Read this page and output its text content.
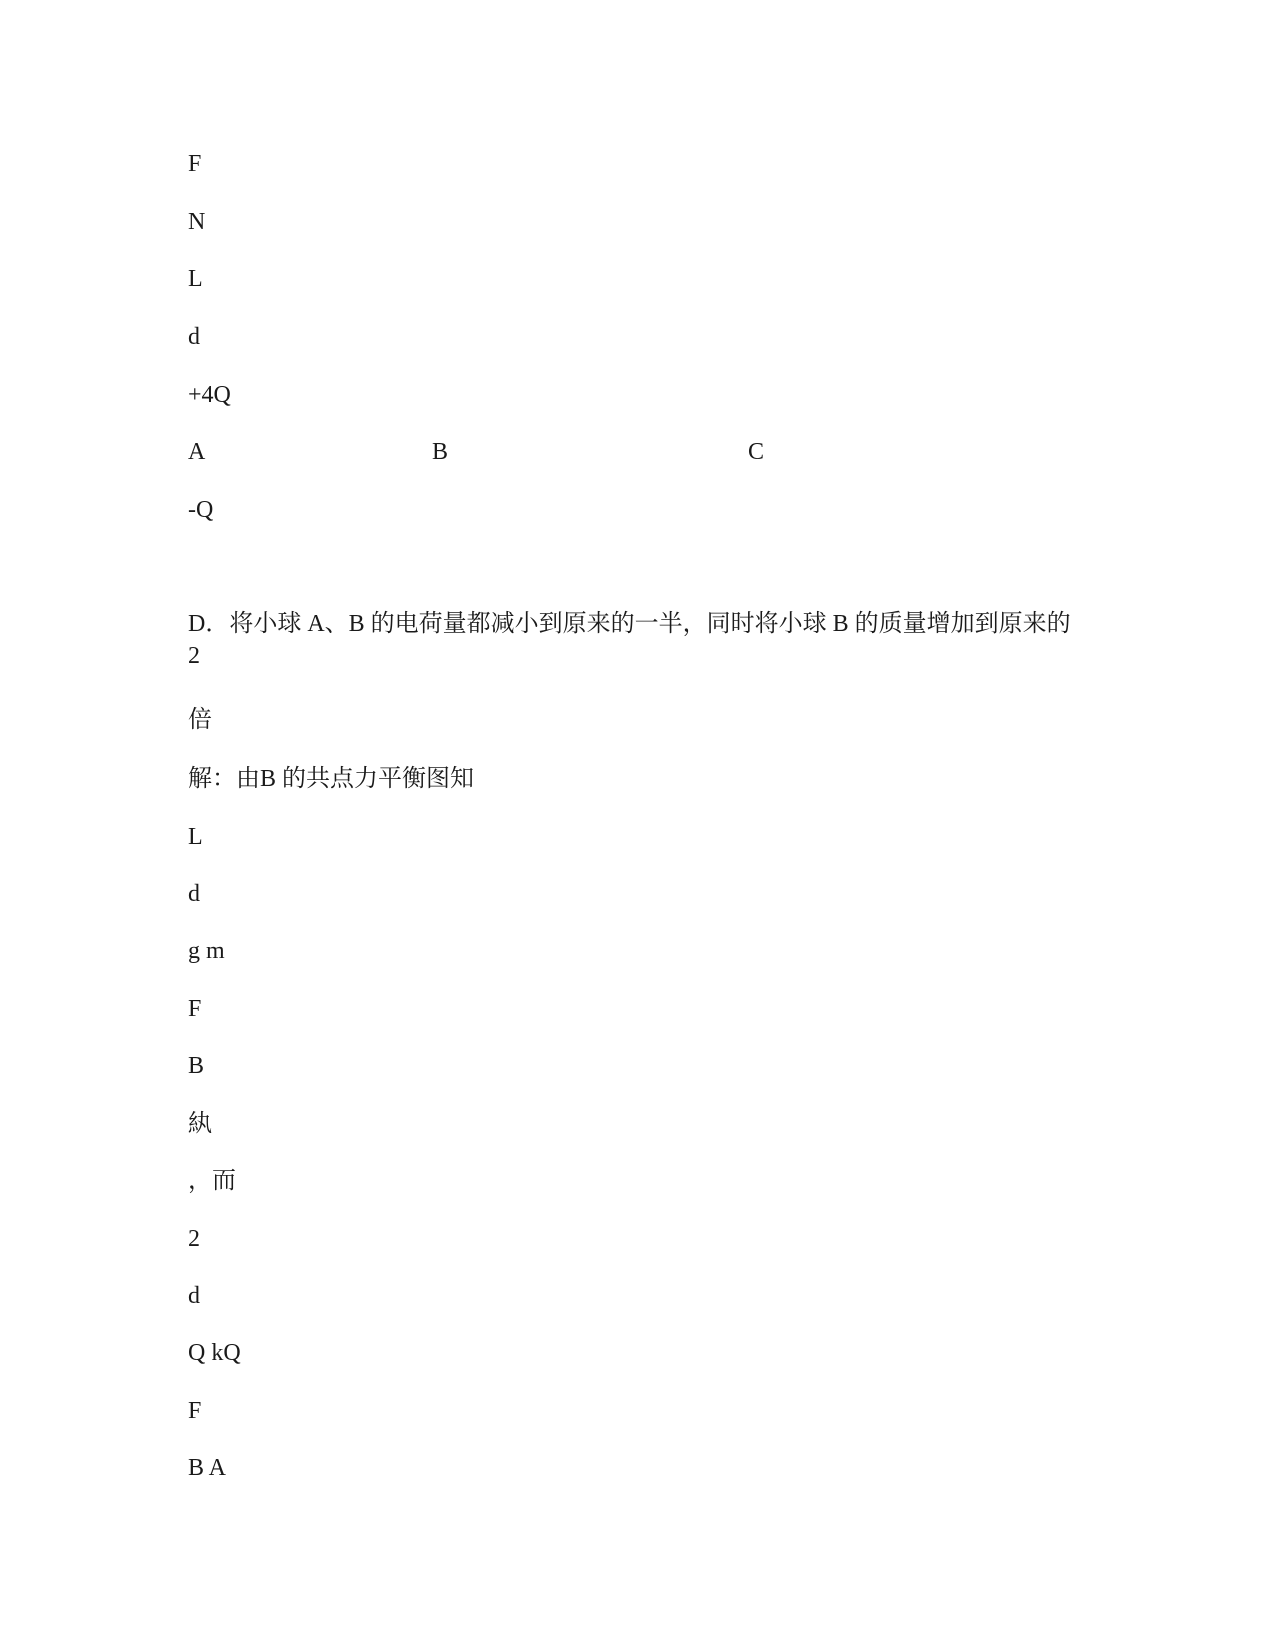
F
N
L
d
+4Q
A	B	C
-Q
D．将小球 A、B 的电荷量都减小到原来的一半，同时将小球 B 的质量增加到原来的 2
倍
解：由B 的共点力平衡图知
L
d
g m
F
B
紈
，而
2
d
Q kQ
F
B A
